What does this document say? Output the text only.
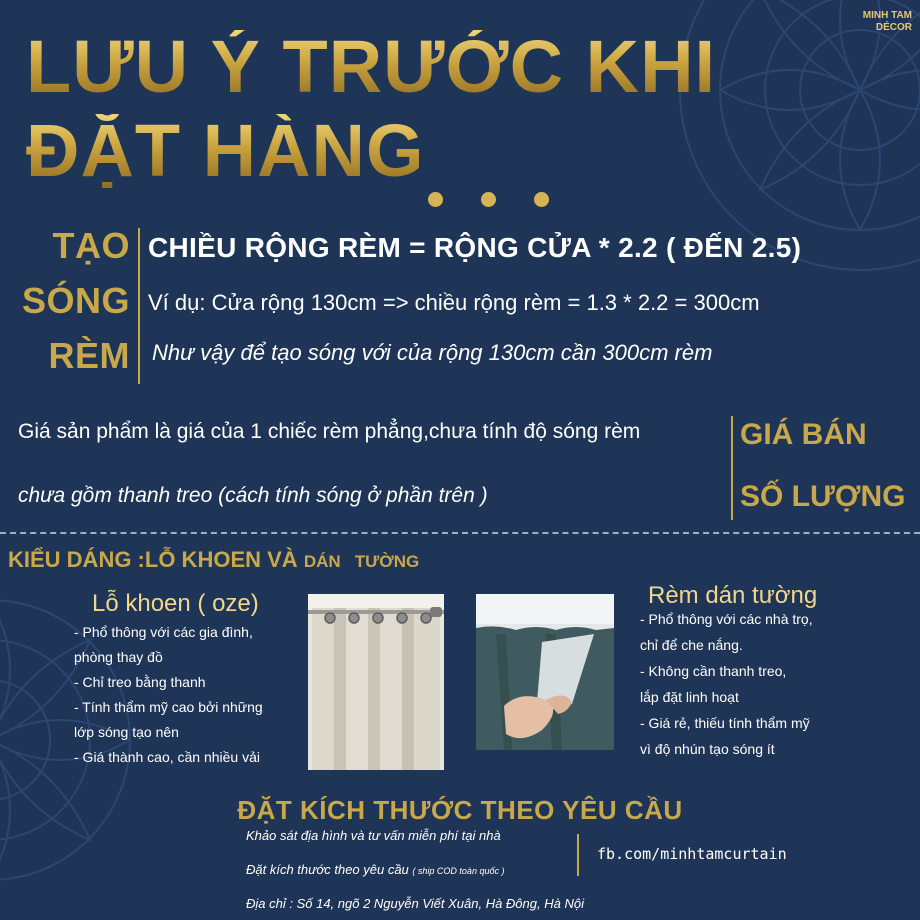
MINH TAM
DÉCOR
LƯU Ý TRƯỚC KHI
ĐẶT HÀNG
TẠO
SÓNG
RÈM
CHIỀU RỘNG RÈM = RỘNG CỬA * 2.2 ( ĐẾN 2.5)
Ví dụ: Cửa rộng 130cm => chiều rộng rèm = 1.3 * 2.2 = 300cm
Như vậy để tạo sóng với của rộng 130cm cần 300cm rèm
Giá sản phẩm là giá của 1 chiếc rèm phẳng,chưa tính độ sóng rèm
chưa gồm thanh treo (cách tính sóng ở phần trên )
GIÁ BÁN
SỐ LƯỢNG
KIỂU DÁNG :LỖ KHOEN VÀ DÁN TƯỜNG
Lỗ khoen ( oze)
- Phổ thông với các gia đình,
phòng thay đồ
- Chỉ treo bằng thanh
- Tính thẩm mỹ cao bởi những
lớp sóng tạo nên
- Giá thành cao, cần nhiều vải
Rèm dán tường
- Phổ thông với các nhà trọ,
chỉ để che nắng.
- Không cần thanh treo,
lắp đặt linh hoạt
- Giá rẻ, thiếu tính thẩm mỹ
vì độ nhún tạo sóng ít
ĐẶT KÍCH THƯỚC THEO YÊU CẦU
Khảo sát địa hình và tư vấn miễn phí tại nhà
Đặt kích thước theo yêu cầu ( ship COD toàn quốc )
fb.com/minhtamcurtain
Địa chỉ : Số 14, ngõ 2 Nguyễn Viết Xuân, Hà Đông, Hà Nội
